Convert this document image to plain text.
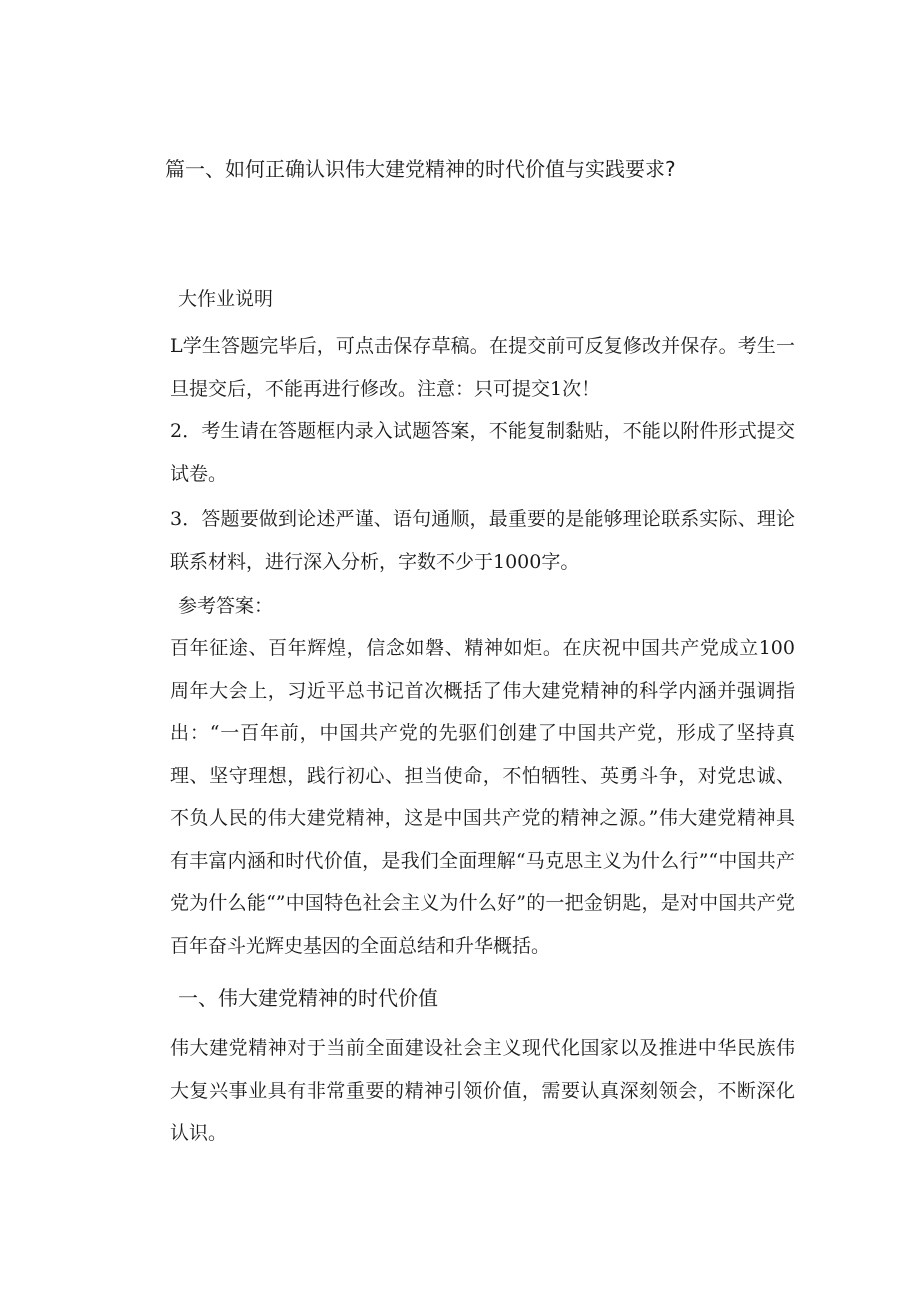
篇一、如何正确认识伟大建党精神的时代价值与实践要求?
大作业说明

L学生答题完毕后，可点击保存草稿。在提交前可反复修改并保存。考生一旦提交后，不能再进行修改。注意：只可提交1次！

2．考生请在答题框内录入试题答案，不能复制黏贴，不能以附件形式提交试卷。

3．答题要做到论述严谨、语句通顺，最重要的是能够理论联系实际、理论联系材料，进行深入分析，字数不少于1000字。

参考答案：

百年征途、百年辉煌，信念如磐、精神如炬。在庆祝中国共产党成立100周年大会上，习近平总书记首次概括了伟大建党精神的科学内涵并强调指出：“一百年前，中国共产党的先驱们创建了中国共产党，形成了坚持真理、坚守理想，践行初心、担当使命，不怕牺牲、英勇斗争，对党忠诚、不负人民的伟大建党精神，这是中国共产党的精神之源。”伟大建党精神具有丰富内涵和时代价值，是我们全面理解“马克思主义为什么行”“中国共产党为什么能“”中国特色社会主义为什么好”的一把金钥匙，是对中国共产党百年奋斗光辉史基因的全面总结和升华概括。

一、伟大建党精神的时代价值

伟大建党精神对于当前全面建设社会主义现代化国家以及推进中华民族伟大复兴事业具有非常重要的精神引领价值，需要认真深刻领会，不断深化认识。
